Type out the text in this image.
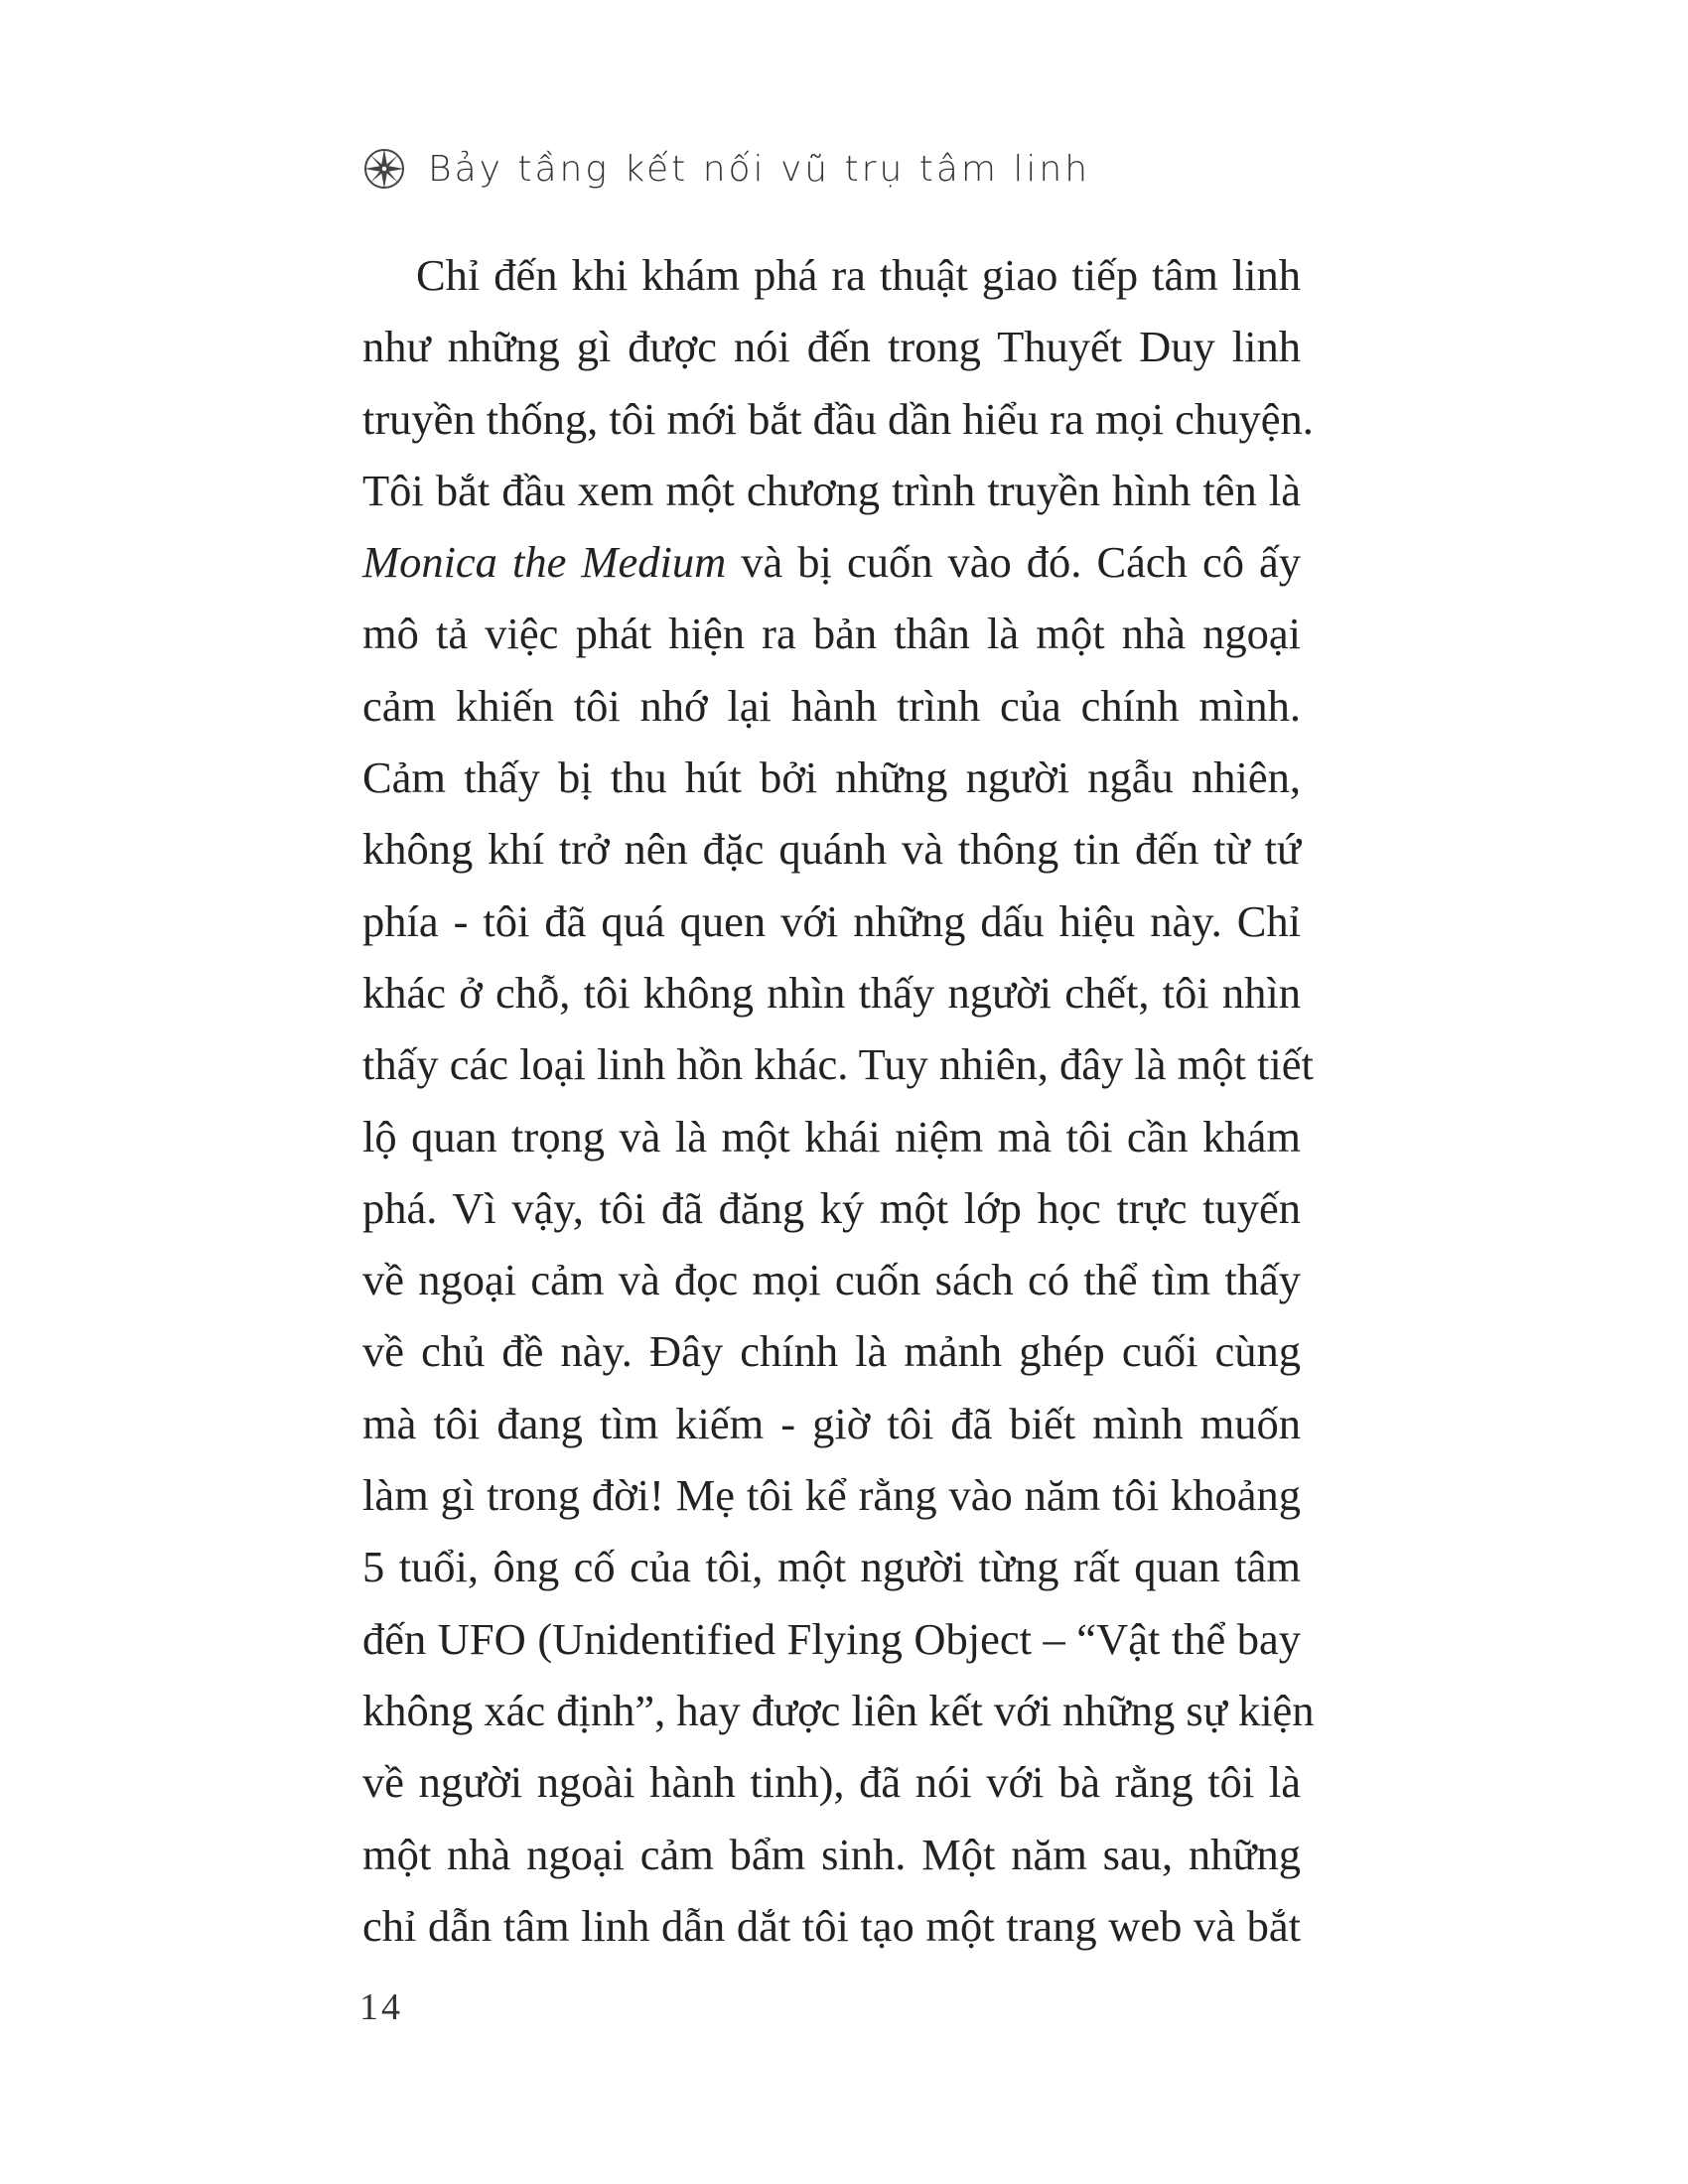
Bảy tầng kết nối vũ trụ tâm linh
Chỉ đến khi khám phá ra thuật giao tiếp tâm linh
như những gì được nói đến trong Thuyết Duy linh
truyền thống, tôi mới bắt đầu dần hiểu ra mọi chuyện.
Tôi bắt đầu xem một chương trình truyền hình tên là
Monica the Medium và bị cuốn vào đó. Cách cô ấy
mô tả việc phát hiện ra bản thân là một nhà ngoại
cảm khiến tôi nhớ lại hành trình của chính mình.
Cảm thấy bị thu hút bởi những người ngẫu nhiên,
không khí trở nên đặc quánh và thông tin đến từ tứ
phía - tôi đã quá quen với những dấu hiệu này. Chỉ
khác ở chỗ, tôi không nhìn thấy người chết, tôi nhìn
thấy các loại linh hồn khác. Tuy nhiên, đây là một tiết
lộ quan trọng và là một khái niệm mà tôi cần khám
phá. Vì vậy, tôi đã đăng ký một lớp học trực tuyến
về ngoại cảm và đọc mọi cuốn sách có thể tìm thấy
về chủ đề này. Đây chính là mảnh ghép cuối cùng
mà tôi đang tìm kiếm - giờ tôi đã biết mình muốn
làm gì trong đời! Mẹ tôi kể rằng vào năm tôi khoảng
5 tuổi, ông cố của tôi, một người từng rất quan tâm
đến UFO (Unidentified Flying Object – “Vật thể bay
không xác định”, hay được liên kết với những sự kiện
về người ngoài hành tinh), đã nói với bà rằng tôi là
một nhà ngoại cảm bẩm sinh. Một năm sau, những
chỉ dẫn tâm linh dẫn dắt tôi tạo một trang web và bắt
14
